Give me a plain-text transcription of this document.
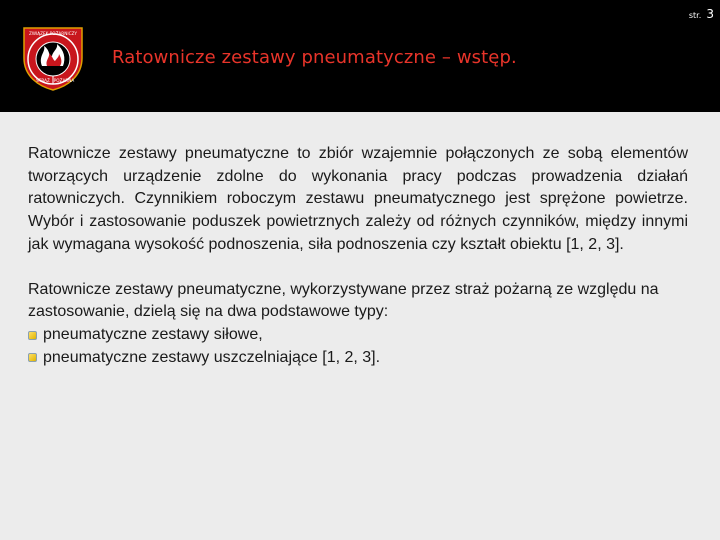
ZWIĄZEK POŻARNICZY
STRAŻ POŻARNA
Ratownicze zestawy pneumatyczne – wstęp.
str. 3

Ratownicze zestawy pneumatyczne to zbiór wzajemnie połączonych ze sobą elementów tworzących urządzenie zdolne do wykonania pracy podczas prowadzenia działań ratowniczych. Czynnikiem roboczym zestawu pneumatycznego jest sprężone powietrze. Wybór i zastosowanie poduszek powietrznych zależy od różnych czynników, między innymi jak wymagana wysokość podnoszenia, siła podnoszenia czy kształt obiektu [1, 2, 3].

Ratownicze zestawy pneumatyczne, wykorzystywane przez straż pożarną ze względu na zastosowanie, dzielą się na dwa podstawowe typy:

pneumatyczne zestawy siłowe,
pneumatyczne zestawy uszczelniające [1, 2, 3].
